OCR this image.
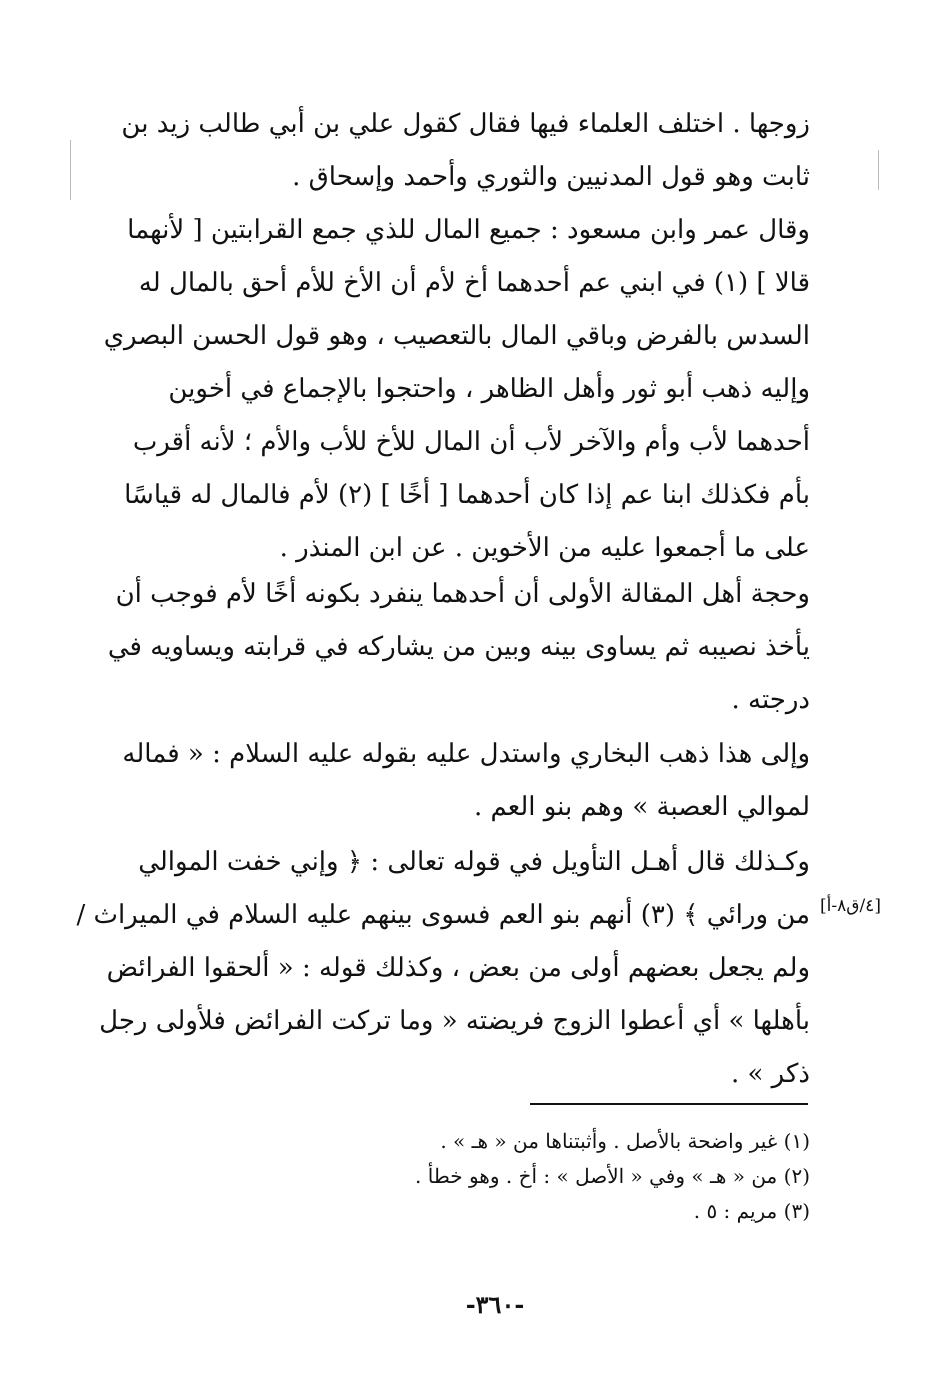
زوجها . اختلف العلماء فيها فقال كقول علي بن أبي طالب زيد بن
ثابت وهو قول المدنيين والثوري وأحمد وإسحاق .
وقال عمر وابن مسعود : جميع المال للذي جمع القرابتين [ لأنهما
قالا ] (١) في ابني عم أحدهما أخ لأم أن الأخ للأم أحق بالمال له
السدس بالفرض وباقي المال بالتعصيب ، وهو قول الحسن البصري
وإليه ذهب أبو ثور وأهل الظاهر ، واحتجوا بالإجماع في أخوين
أحدهما لأب وأم والآخر لأب أن المال للأخ للأب والأم ؛ لأنه أقرب
بأم فكذلك ابنا عم إذا كان أحدهما [ أخًا ] (٢) لأم فالمال له قياسًا
على ما أجمعوا عليه من الأخوين . عن ابن المنذر .
وحجة أهل المقالة الأولى أن أحدهما ينفرد بكونه أخًا لأم فوجب أن
يأخذ نصيبه ثم يساوى بينه وبين من يشاركه في قرابته ويساويه في
درجته .
وإلى هذا ذهب البخاري واستدل عليه بقوله عليه السلام : « فماله
لموالي العصبة » وهم بنو العم .
وكـذلك قال أهـل التأويل في قوله تعالى : ﴿ وإني خفت الموالي
من ورائي ﴾ (٣) أنهم بنو العم فسوى بينهم عليه السلام في الميراث /
ولم يجعل بعضهم أولى من بعض ، وكذلك قوله : « ألحقوا الفرائض
بأهلها » أي أعطوا الزوج فريضته « وما تركت الفرائض فلأولى رجل
ذكر » .
[٤/ق٨-أ]
(١) غير واضحة بالأصل . وأثبتناها من « هـ » .
(٢) من « هـ » وفي « الأصل » : أخ . وهو خطأ .
(٣) مريم : ٥ .
-٣٦٠-
